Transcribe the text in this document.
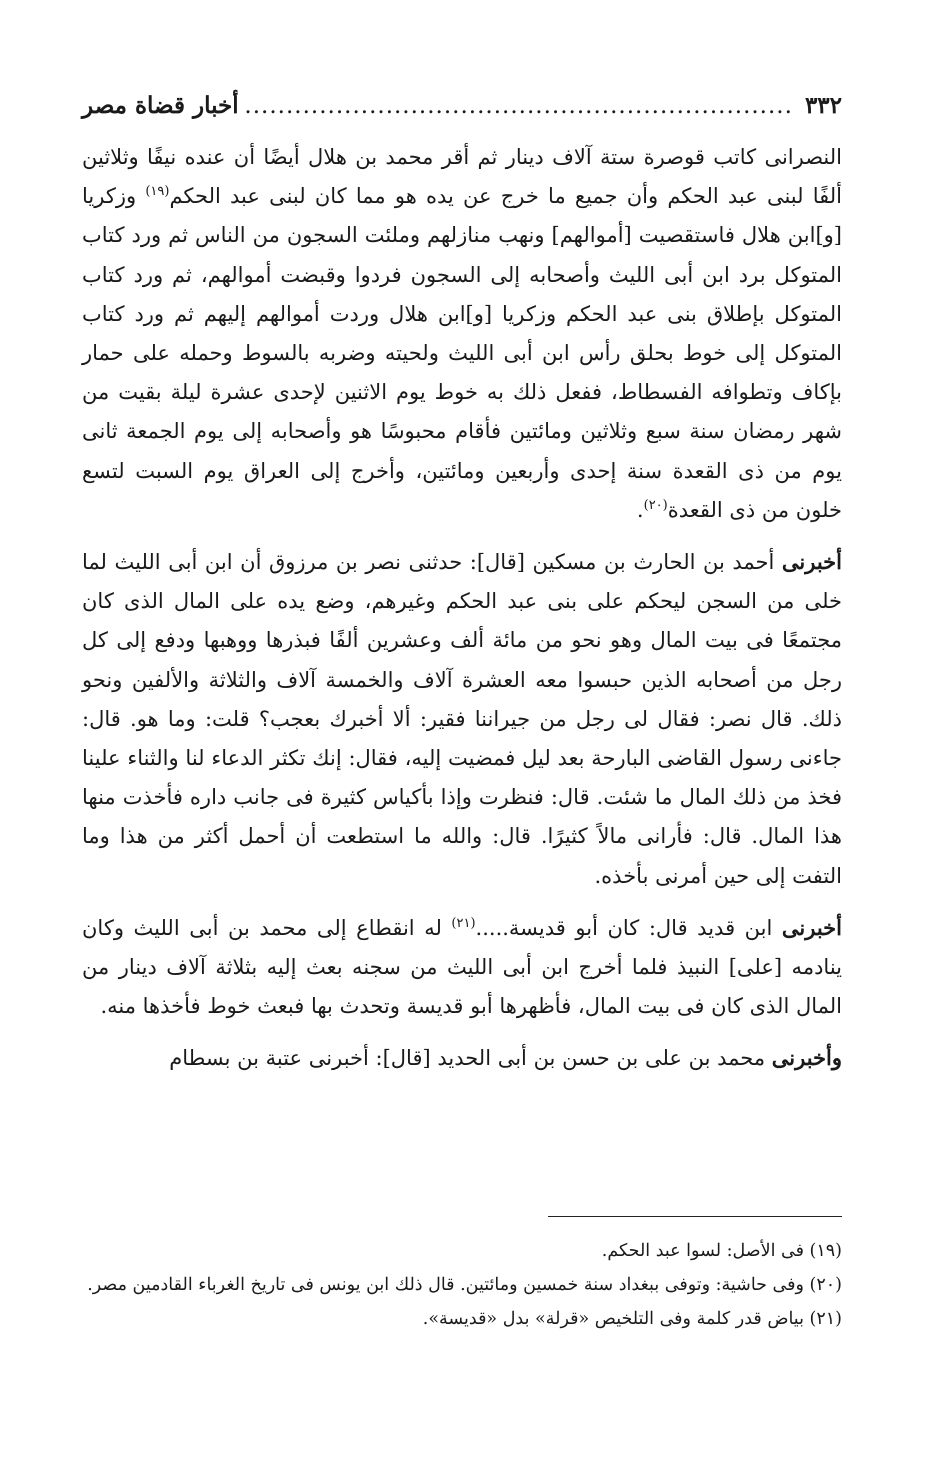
٣٣٢
.....
أخبار قضاة مصر

النصرانى كاتب قوصرة ستة آلاف دينار ثم أقر محمد بن هلال أيضًا أن عنده نيفًا وثلاثين ألفًا لبنى عبد الحكم وأن جميع ما خرج عن يده هو مما كان لبنى عبد الحكم$^{(١٩)}$ وزكريا [و]ابن هلال فاستقصيت [أموالهم] ونهب منازلهم وملئت السجون من الناس ثم ورد كتاب المتوكل برد ابن أبى الليث وأصحابه إلى السجون فردوا وقبضت أموالهم، ثم ورد كتاب المتوكل بإطلاق بنى عبد الحكم وزكريا [و]ابن هلال وردت أموالهم إليهم ثم ورد كتاب المتوكل إلى خوط بحلق رأس ابن أبى الليث ولحيته وضربه بالسوط وحمله على حمار بإكاف وتطوافه الفسطاط، ففعل ذلك به خوط يوم الاثنين لإحدى عشرة ليلة بقيت من شهر رمضان سنة سبع وثلاثين ومائتين فأقام محبوسًا هو وأصحابه إلى يوم الجمعة ثانى يوم من ذى القعدة سنة إحدى وأربعين ومائتين، وأخرج إلى العراق يوم السبت لتسع خلون من ذى القعدة$^{(٢٠)}$.

أخبرنى أحمد بن الحارث بن مسكين [قال]: حدثنى نصر بن مرزوق أن ابن أبى الليث لما خلى من السجن ليحكم على بنى عبد الحكم وغيرهم، وضع يده على المال الذى كان مجتمعًا فى بيت المال وهو نحو من مائة ألف وعشرين ألفًا فبذرها ووهبها ودفع إلى كل رجل من أصحابه الذين حبسوا معه العشرة آلاف والخمسة آلاف والثلاثة والألفين ونحو ذلك. قال نصر: فقال لى رجل من جيراننا فقير: ألا أخبرك بعجب؟ قلت: وما هو. قال: جاءنى رسول القاضى البارحة بعد ليل فمضيت إليه، فقال: إنك تكثر الدعاء لنا والثناء علينا فخذ من ذلك المال ما شئت. قال: فنظرت وإذا بأكياس كثيرة فى جانب داره فأخذت منها هذا المال. قال: فأرانى مالاً كثيرًا. قال: والله ما استطعت أن أحمل أكثر من هذا وما التفت إلى حين أمرنى بأخذه.

أخبرنى ابن قديد قال: كان أبو قديسة.....$^{(٢١)}$ له انقطاع إلى محمد بن أبى الليث وكان ينادمه [على] النبيذ فلما أخرج ابن أبى الليث من سجنه بعث إليه بثلاثة آلاف دينار من المال الذى كان فى بيت المال، فأظهرها أبو قديسة وتحدث بها فبعث خوط فأخذها منه.

وأخبرنى محمد بن على بن حسن بن أبى الحديد [قال]: أخبرنى عتبة بن بسطام

(١٩) فى الأصل: لسوا عبد الحكم.

(٢٠) وفى حاشية: وتوفى ببغداد سنة خمسين ومائتين. قال ذلك ابن يونس فى تاريخ الغرباء القادمين مصر.

(٢١) بياض قدر كلمة وفى التلخيص «قرلة» بدل «قديسة».
